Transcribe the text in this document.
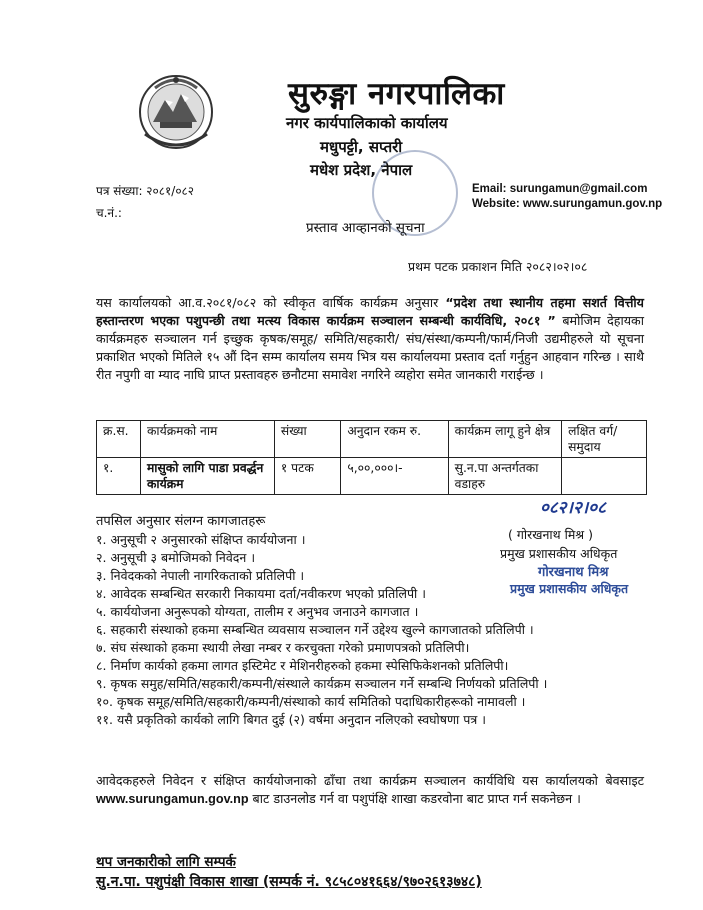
सुरुङ्गा नगरपालिका
नगर कार्यपालिकाको कार्यालय
मधुपट्टी, सप्तरी
मधेश प्रदेश, नेपाल
पत्र संख्या: २०८१/०८२
च.नं.:
Email: surungamun@gmail.com
Website: www.surungamun.gov.np
प्रस्ताव आव्हानको सूचना
प्रथम पटक प्रकाशन मिति २०८२।०२।०८
यस कार्यालयको आ.व.२०८१/०८२ को स्वीकृत वार्षिक कार्यक्रम अनुसार “प्रदेश तथा स्थानीय तहमा सशर्त वित्तीय हस्तान्तरण भएका पशुपन्छी तथा मत्स्य विकास कार्यक्रम सञ्चालन सम्बन्धी कार्यविधि, २०८१ ” बमोजिम देहायका कार्यक्रमहरु सञ्चालन गर्न इच्छुक कृषक/समूह/ समिति/सहकारी/ संघ/संस्था/कम्पनी/फार्म/निजी उद्यमीहरुले यो सूचना प्रकाशित भएको मितिले १५ औं दिन सम्म कार्यालय समय भित्र यस कार्यालयमा प्रस्ताव दर्ता गर्नुहुन आहवान गरिन्छ । साथै रीत नपुगी वा म्याद नाघि प्राप्त प्रस्तावहरु छनौटमा समावेश नगरिने व्यहोरा समेत जानकारी गराईन्छ ।
क्र.स.	कार्यक्रमको नाम	संख्या	अनुदान रकम रु.	कार्यक्रम लागू हुने क्षेत्र	लक्षित वर्ग/समुदाय
१.	मासुको लागि पाडा प्रवर्द्धन कार्यक्रम	१ पटक	५,००,०००।-	सु.न.पा अन्तर्गतका वडाहरु	
०८२।२।०८
( गोरखनाथ मिश्र )
प्रमुख प्रशासकीय अधिकृत
गोरखनाथ मिश्र
प्रमुख प्रशासकीय अधिकृत
तपसिल अनुसार संलग्न कागजातहरू
१. अनुसूची २ अनुसारको संक्षिप्त कार्ययोजना ।
२. अनुसूची ३ बमोजिमको निवेदन ।
३. निवेदकको नेपाली नागरिकताको प्रतिलिपी ।
४. आवेदक सम्बन्धित सरकारी निकायमा दर्ता/नवीकरण भएको प्रतिलिपी ।
५. कार्ययोजना अनुरूपको योग्यता, तालीम र अनुभव जनाउने कागजात ।
६. सहकारी संस्थाको हकमा सम्बन्धित व्यवसाय सञ्चालन गर्ने उद्देश्य खुल्ने कागजातको प्रतिलिपी ।
७. संघ संस्थाको हकमा स्थायी लेखा नम्बर र करचुक्ता गरेको प्रमाणपत्रको प्रतिलिपी।
८. निर्माण कार्यको हकमा लागत इस्टिमेट र मेशिनरीहरुको हकमा स्पेसिफिकेशनको प्रतिलिपी।
९. कृषक समुह/समिति/सहकारी/कम्पनी/संस्थाले कार्यक्रम सञ्चालन गर्ने सम्बन्धि निर्णयको प्रतिलिपी ।
१०. कृषक समूह/समिति/सहकारी/कम्पनी/संस्थाको कार्य समितिको पदाधिकारीहरूको नामावली ।
११. यसै प्रकृतिको कार्यको लागि बिगत दुई (२) वर्षमा अनुदान नलिएको स्वघोषणा पत्र ।
आवेदकहरुले निवेदन र संक्षिप्त कार्ययोजनाको ढाँचा तथा कार्यक्रम सञ्चालन कार्यविधि यस कार्यालयको बेवसाइट www.surungamun.gov.np बाट डाउनलोड गर्न वा पशुपंक्षि शाखा कडरवोना बाट प्राप्त गर्न सकनेछन ।
थप जनकारीको लागि सम्पर्क
सु.न.पा. पशुपंक्षी विकास शाखा (सम्पर्क नं. ९८५८०४१६६४/९७०२६१३७४८)
